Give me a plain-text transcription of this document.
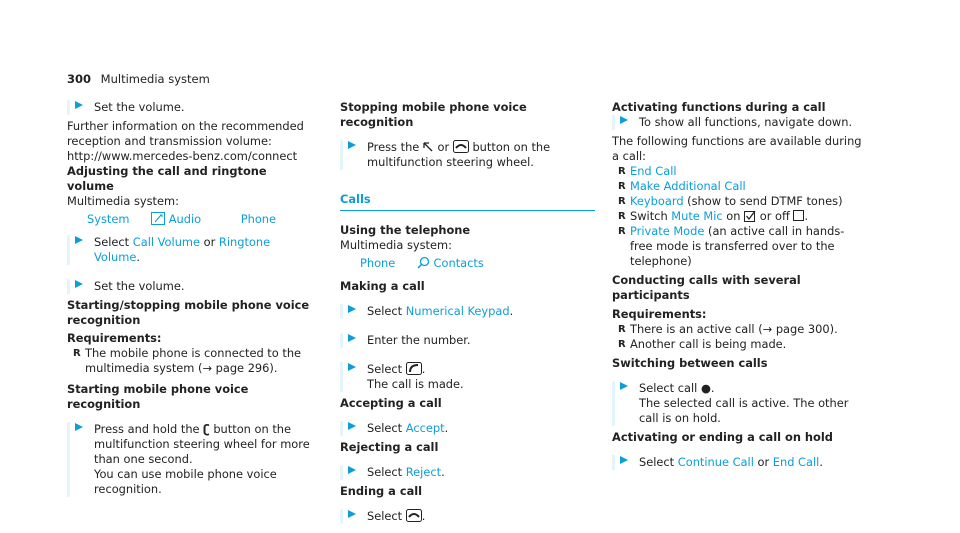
300 Multimedia system
Set the volume.

Further information on the recommended reception and transmission volume: http://www.mercedes-benz.com/connect

Adjusting the call and ringtone volume
Multimedia system:
System	Audio	Phone
Select Call Volume or Ringtone Volume.
Set the volume.
Starting/stopping mobile phone voice recognition
Requirements:
R The mobile phone is connected to the multimedia system (→ page 296).
Starting mobile phone voice recognition
Press and hold the ʗ button on the multifunction steering wheel for more than one second.
You can use mobile phone voice recognition.
Stopping mobile phone voice recognition
Press the or button on the multifunction steering wheel.
Calls
Using the telephone
Multimedia system:
Phone	Contacts
Making a call
Select Numerical Keypad.
Enter the number.
Select .
The call is made.
Accepting a call
Select Accept.
Rejecting a call
Select Reject.
Ending a call
Select .
Activating functions during a call
To show all functions, navigate down.

The following functions are available during a call:

R End Call
R Make Additional Call
R Keyboard (show to send DTMF tones)
R Switch Mute Mic on  or off .
R Private Mode (an active call in hands-free mode is transferred over to the telephone)
Conducting calls with several participants
Requirements:
R There is an active call (→ page 300).
R Another call is being made.
Switching between calls
Select call ●.
The selected call is active. The other call is on hold.
Activating or ending a call on hold
Select Continue Call or End Call.
